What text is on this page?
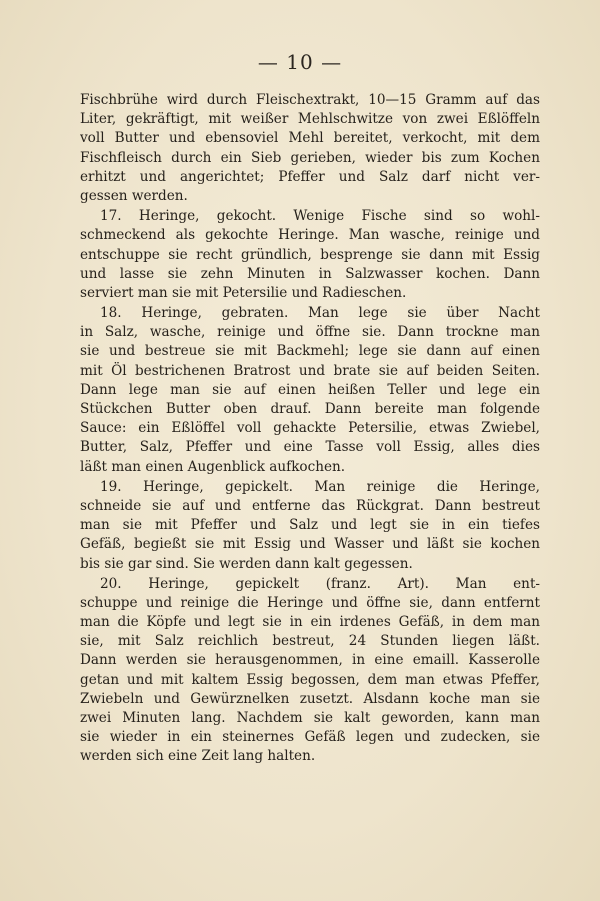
— 10 —
Fischbrühe wird durch Fleischextrakt, 10—15 Gramm auf das
Liter, gekräftigt, mit weißer Mehlschwitze von zwei Eßlöffeln
voll Butter und ebensoviel Mehl bereitet, verkocht, mit dem
Fischfleisch durch ein Sieb gerieben, wieder bis zum Kochen
erhitzt und angerichtet; Pfeffer und Salz darf nicht ver-
gessen werden.
17. Heringe, gekocht. Wenige Fische sind so wohl-
schmeckend als gekochte Heringe. Man wasche, reinige und
entschuppe sie recht gründlich, besprenge sie dann mit Essig
und lasse sie zehn Minuten in Salzwasser kochen. Dann
serviert man sie mit Petersilie und Radieschen.
18. Heringe, gebraten. Man lege sie über Nacht
in Salz, wasche, reinige und öffne sie. Dann trockne man
sie und bestreue sie mit Backmehl; lege sie dann auf einen
mit Öl bestrichenen Bratrost und brate sie auf beiden Seiten.
Dann lege man sie auf einen heißen Teller und lege ein
Stückchen Butter oben drauf. Dann bereite man folgende
Sauce: ein Eßlöffel voll gehackte Petersilie, etwas Zwiebel,
Butter, Salz, Pfeffer und eine Tasse voll Essig, alles dies
läßt man einen Augenblick aufkochen.
19. Heringe, gepickelt. Man reinige die Heringe,
schneide sie auf und entferne das Rückgrat. Dann bestreut
man sie mit Pfeffer und Salz und legt sie in ein tiefes
Gefäß, begießt sie mit Essig und Wasser und läßt sie kochen
bis sie gar sind. Sie werden dann kalt gegessen.
20. Heringe, gepickelt (franz. Art). Man ent-
schuppe und reinige die Heringe und öffne sie, dann entfernt
man die Köpfe und legt sie in ein irdenes Gefäß, in dem man
sie, mit Salz reichlich bestreut, 24 Stunden liegen läßt.
Dann werden sie herausgenommen, in eine emaill. Kasserolle
getan und mit kaltem Essig begossen, dem man etwas Pfeffer,
Zwiebeln und Gewürznelken zusetzt. Alsdann koche man sie
zwei Minuten lang. Nachdem sie kalt geworden, kann man
sie wieder in ein steinernes Gefäß legen und zudecken, sie
werden sich eine Zeit lang halten.
